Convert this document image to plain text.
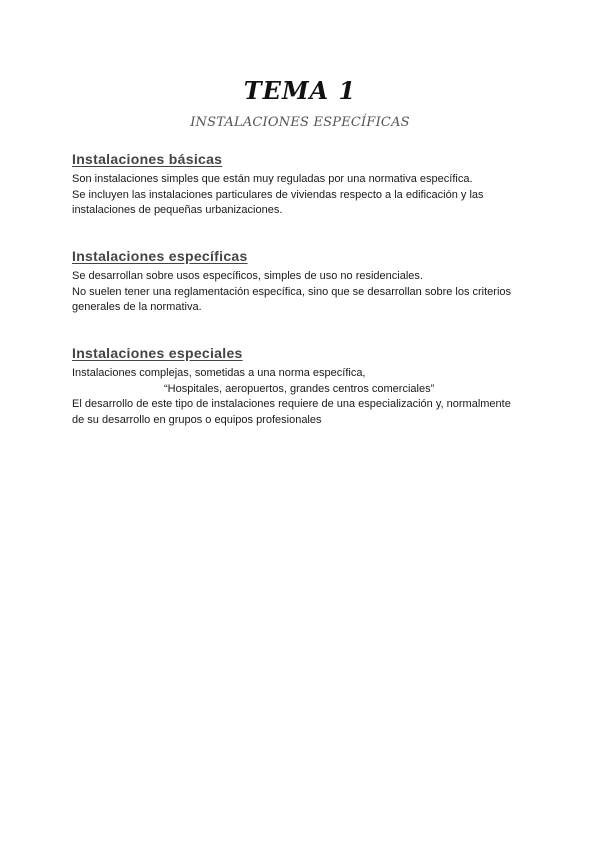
TEMA 1
INSTALACIONES ESPECÍFICAS
Instalaciones básicas

Son instalaciones simples que están muy reguladas por una normativa específica.

Se incluyen las instalaciones particulares de viviendas respecto a la edificación y las

instalaciones de pequeñas urbanizaciones.

Instalaciones específicas

Se desarrollan sobre usos específicos, simples de uso no residenciales.

No suelen tener una reglamentación específica, sino que se desarrollan sobre los criterios

generales de la normativa.

Instalaciones especiales

Instalaciones complejas, sometidas a una norma específica,

“Hospitales, aeropuertos, grandes centros comerciales”

El desarrollo de este tipo de instalaciones requiere de una especialización y, normalmente

de su desarrollo en grupos o equipos profesionales
